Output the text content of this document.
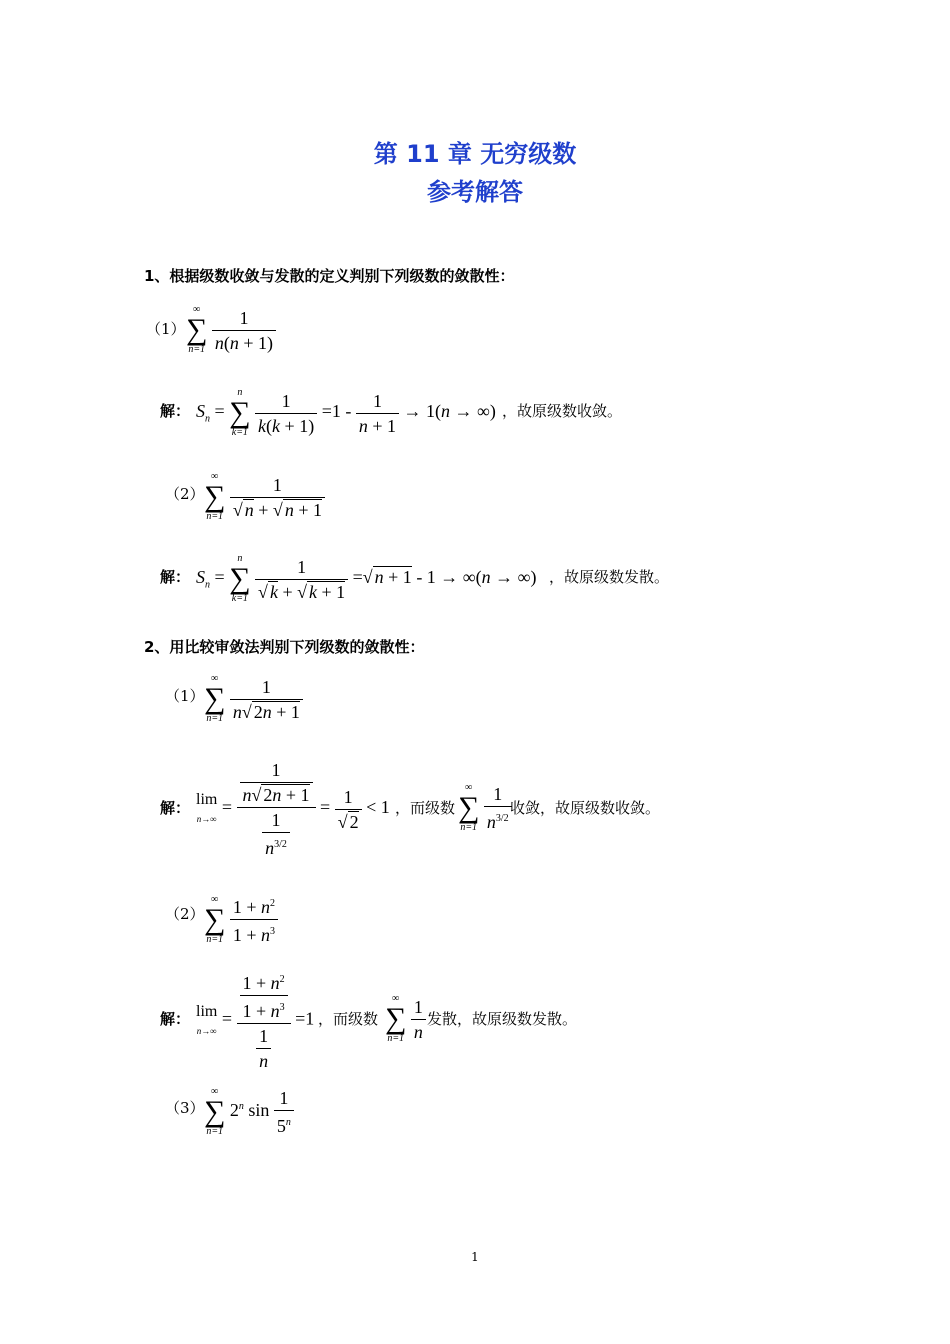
第 11 章 无穷级数
参考解答
1、根据级数收敛与发散的定义判别下列级数的敛散性：
（1）
∞
∑
n=1
$\frac{1}{n(n + 1)}$
解： $S_n$ =
n
∑
k=1
$\frac{1}{k(k + 1)} =1 - \frac{1}{n + 1} \to 1(n$ → ∞) ，故原级数收敛。
（2）
∞
∑
n=1
$\frac{1}{√ n + √ n + 1}$
解： $S_n$ =
n
∑
k=1
$\frac{1}{√ k + √ k + 1}$ =√ n + 1 - 1 → ∞(n → ∞) ，故原级数发散。
2、用比较审敛法判别下列级数的敛散性：
（1）
∞
∑
n=1
$\frac{1}{n√ 2n + 1}$
解： lim
$n\to\infty = \frac{\frac{1}{n√ 2n + 1}}{\frac{1}{n^{3/2}}} = \frac{1}{√ 2} < 1$ ，而级数
∞
∑
n=1
$\frac{1}{n^{3/2}}$
收敛，故原级数收敛。
（2）
∞
∑
n=1
$\frac{1 + n^2}{1 + n^3}$
解： lim
$n\to\infty = \frac{\frac{1 + n^2}{1 + n^3}}{\frac{1}{n}} =1$ ，而级数
∞
∑
n=1
$\frac{1}{n}$ 发散，故原级数发散。
（3）
∞
∑
n=1
2$^n$ $\sin \frac{1}{5^n}$
1
